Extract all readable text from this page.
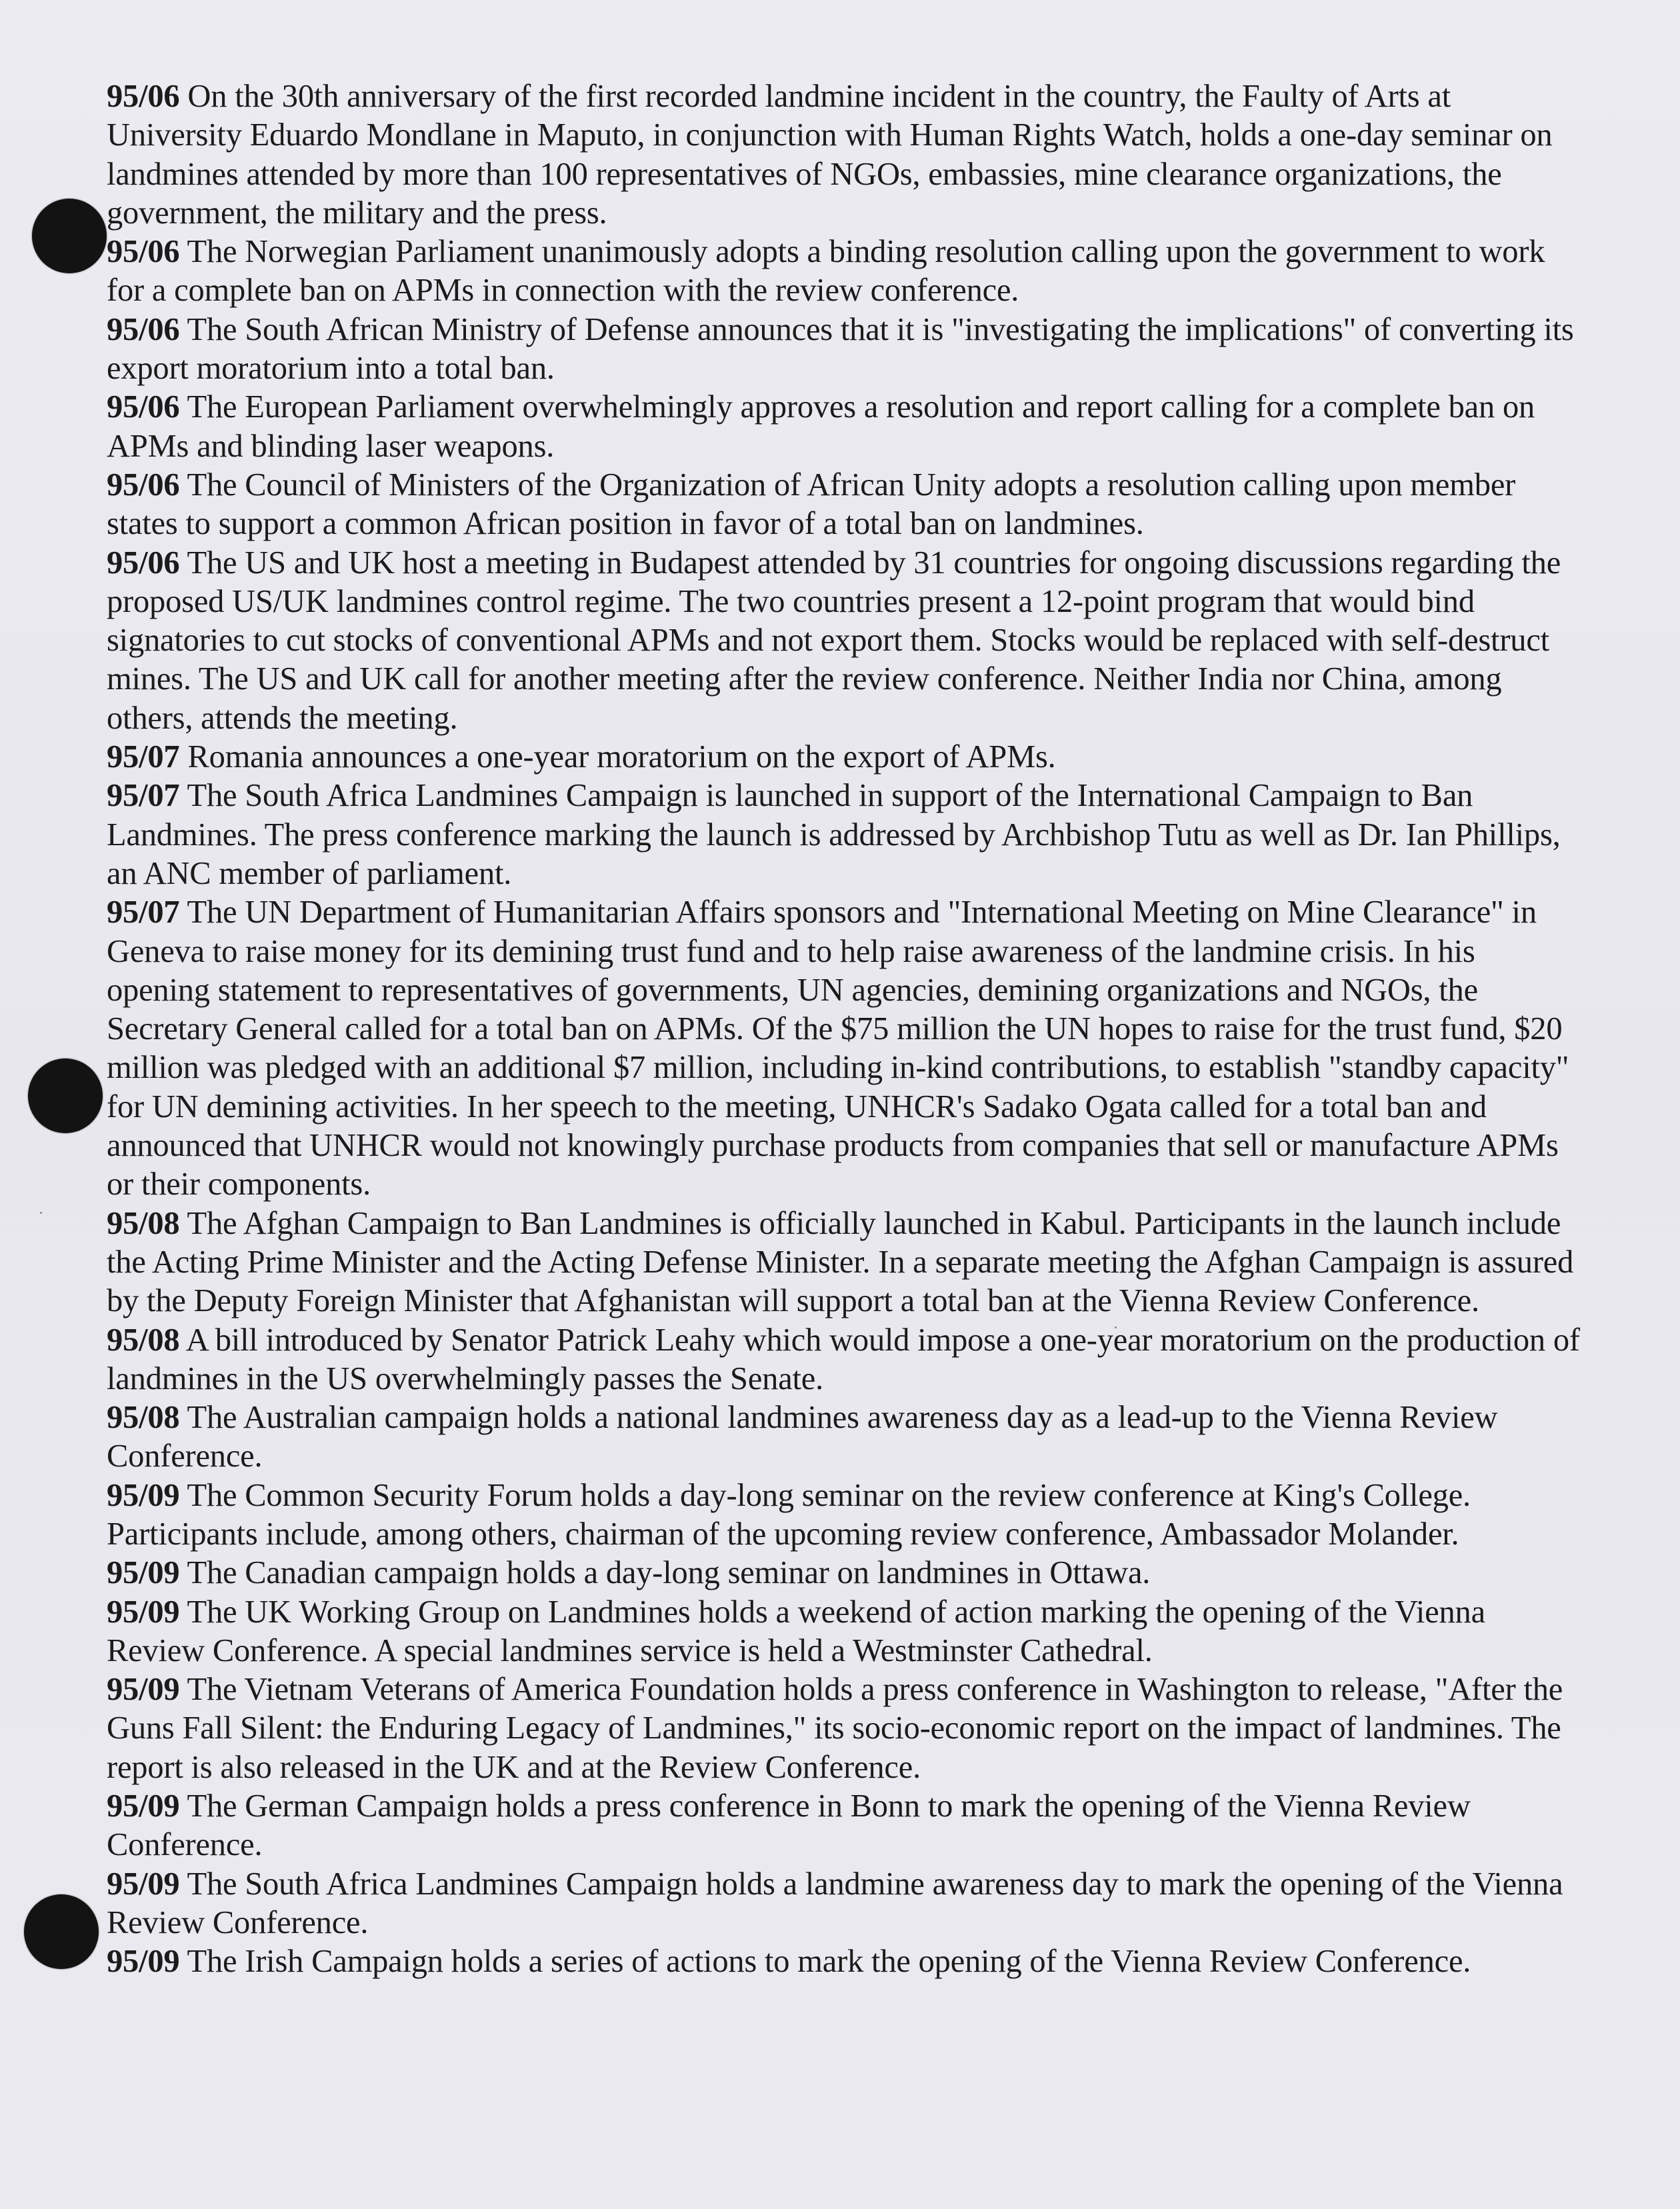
95/06 On the 30th anniversary of the first recorded landmine incident in the country, the Faulty of Arts at University Eduardo Mondlane in Maputo, in conjunction with Human Rights Watch, holds a one-day seminar on landmines attended by more than 100 representatives of NGOs, embassies, mine clearance organizations, the government, the military and the press.

95/06 The Norwegian Parliament unanimously adopts a binding resolution calling upon the government to work for a complete ban on APMs in connection with the review conference.

95/06 The South African Ministry of Defense announces that it is "investigating the implications" of converting its export moratorium into a total ban.

95/06 The European Parliament overwhelmingly approves a resolution and report calling for a complete ban on APMs and blinding laser weapons.

95/06 The Council of Ministers of the Organization of African Unity adopts a resolution calling upon member states to support a common African position in favor of a total ban on landmines.

95/06 The US and UK host a meeting in Budapest attended by 31 countries for ongoing discussions regarding the proposed US/UK landmines control regime. The two countries present a 12-point program that would bind signatories to cut stocks of conventional APMs and not export them. Stocks would be replaced with self-destruct mines. The US and UK call for another meeting after the review conference. Neither India nor China, among others, attends the meeting.

95/07 Romania announces a one-year moratorium on the export of APMs.

95/07 The South Africa Landmines Campaign is launched in support of the International Campaign to Ban Landmines. The press conference marking the launch is addressed by Archbishop Tutu as well as Dr. Ian Phillips, an ANC member of parliament.

95/07 The UN Department of Humanitarian Affairs sponsors and "International Meeting on Mine Clearance" in Geneva to raise money for its demining trust fund and to help raise awareness of the landmine crisis. In his opening statement to representatives of governments, UN agencies, demining organizations and NGOs, the Secretary General called for a total ban on APMs. Of the $75 million the UN hopes to raise for the trust fund, $20 million was pledged with an additional $7 million, including in-kind contributions, to establish "standby capacity" for UN demining activities. In her speech to the meeting, UNHCR's Sadako Ogata called for a total ban and announced that UNHCR would not knowingly purchase products from companies that sell or manufacture APMs or their components.

95/08 The Afghan Campaign to Ban Landmines is officially launched in Kabul. Participants in the launch include the Acting Prime Minister and the Acting Defense Minister. In a separate meeting the Afghan Campaign is assured by the Deputy Foreign Minister that Afghanistan will support a total ban at the Vienna Review Conference.

95/08 A bill introduced by Senator Patrick Leahy which would impose a one-year moratorium on the production of landmines in the US overwhelmingly passes the Senate.

95/08 The Australian campaign holds a national landmines awareness day as a lead-up to the Vienna Review Conference.

95/09 The Common Security Forum holds a day-long seminar on the review conference at King's College. Participants include, among others, chairman of the upcoming review conference, Ambassador Molander.

95/09 The Canadian campaign holds a day-long seminar on landmines in Ottawa.

95/09 The UK Working Group on Landmines holds a weekend of action marking the opening of the Vienna Review Conference. A special landmines service is held a Westminster Cathedral.

95/09 The Vietnam Veterans of America Foundation holds a press conference in Washington to release, "After the Guns Fall Silent: the Enduring Legacy of Landmines," its socio-economic report on the impact of landmines. The report is also released in the UK and at the Review Conference.

95/09 The German Campaign holds a press conference in Bonn to mark the opening of the Vienna Review Conference.

95/09 The South Africa Landmines Campaign holds a landmine awareness day to mark the opening of the Vienna Review Conference.

95/09 The Irish Campaign holds a series of actions to mark the opening of the Vienna Review Conference.
